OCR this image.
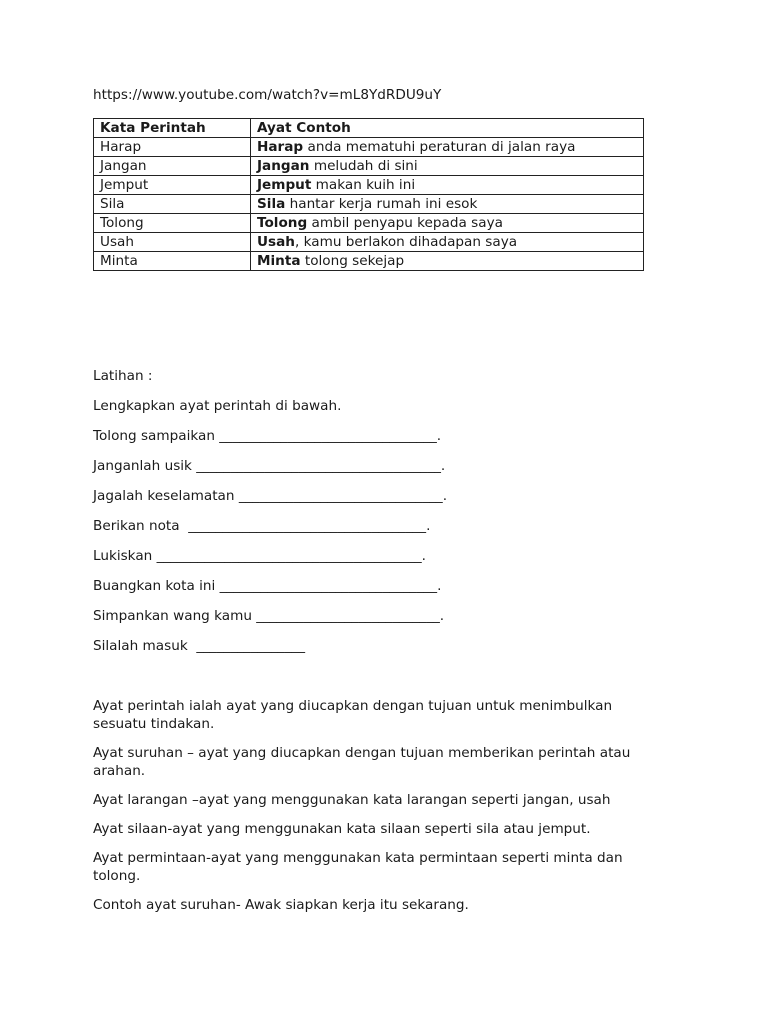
https://www.youtube.com/watch?v=mL8YdRDU9uY
Kata Perintah	Ayat Contoh
Harap	Harap anda mematuhi peraturan di jalan raya
Jangan	Jangan meludah di sini
Jemput	Jemput makan kuih ini
Sila	Sila hantar kerja rumah ini esok
Tolong	Tolong ambil penyapu kepada saya
Usah	Usah, kamu berlakon dihadapan saya
Minta	Minta tolong sekejap

Latihan :

Lengkapkan ayat perintah di bawah.

Tolong sampaikan ________________________________.

Janganlah usik ____________________________________.

Jagalah keselamatan ______________________________.

Berikan nota  ___________________________________.

Lukiskan _______________________________________.

Buangkan kota ini ________________________________.

Simpankan wang kamu ___________________________.

Silalah masuk  ________________

Ayat perintah ialah ayat yang diucapkan dengan tujuan untuk menimbulkan sesuatu tindakan.

Ayat suruhan – ayat yang diucapkan dengan tujuan memberikan perintah atau arahan.

Ayat larangan –ayat yang menggunakan kata larangan seperti jangan, usah

Ayat silaan-ayat yang menggunakan kata silaan seperti sila atau jemput.

Ayat permintaan-ayat yang menggunakan kata permintaan seperti minta dan tolong.

Contoh ayat suruhan- Awak siapkan kerja itu sekarang.
